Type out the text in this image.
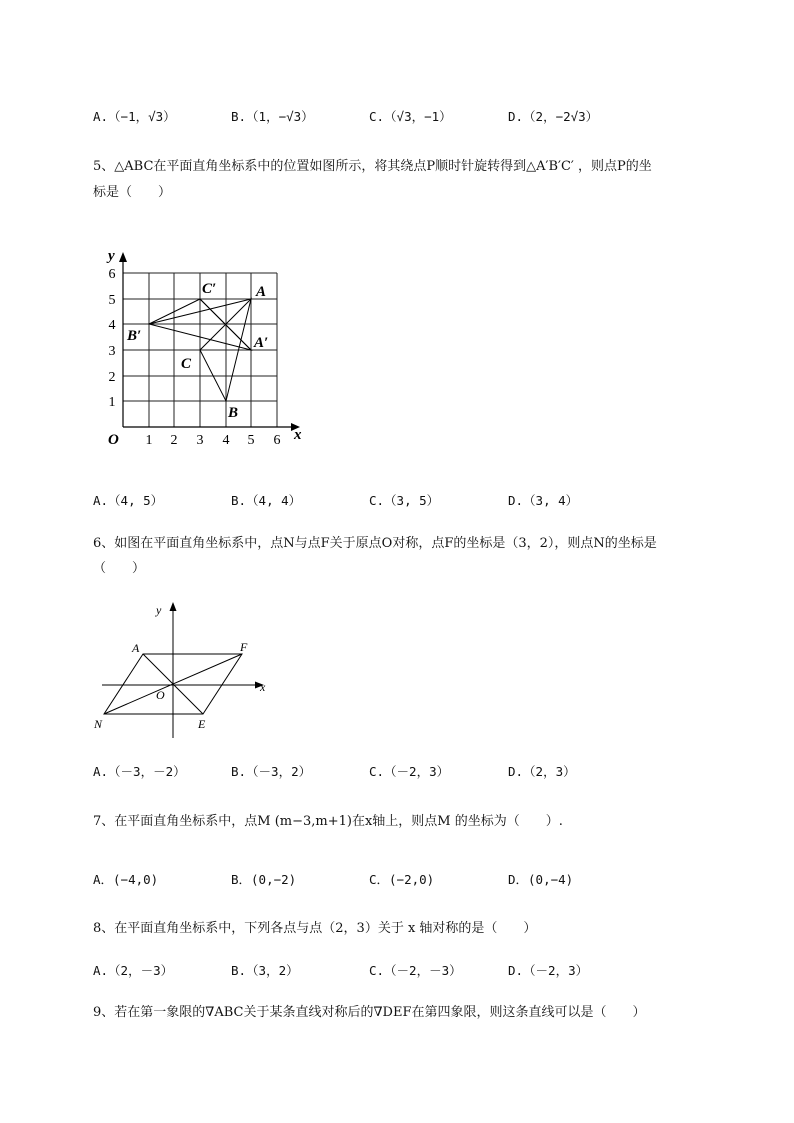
A.（−1，√3）	B.（1，−√3）	C.（√3，−1）	D.（2，−2√3）
5、△ABC在平面直角坐标系中的位置如图所示，将其绕点P顺时针旋转得到△A′B′C′ ，则点P的坐
标是（　　）
y
x
O 1 2 3 4 5 6
1
2
3
4
5
6
A
B
C
A′
B′
C′
A.（4, 5）	B.（4, 4）	C.（3, 5）	D.（3, 4）
6、如图在平面直角坐标系中，点N与点F关于原点O对称，点F的坐标是（3，2），则点N的坐标是
（　　）
y
x
A	F
O
N	E
A.（－3，－2）	B.（－3，2）	C.（－2，3）	D.（2，3）
7、在平面直角坐标系中，点M (m−3,m+1)在x轴上，则点M 的坐标为（　　）.
A．(−4,0)	B．(0,−2)	C．(−2,0)	D．(0,−4)
8、在平面直角坐标系中，下列各点与点（2，3）关于 x 轴对称的是（　　）
A.（2，－3）	B.（3，2）	C.（－2，－3）	D.（－2，3）
9、若在第一象限的∇ABC关于某条直线对称后的∇DEF在第四象限，则这条直线可以是（　　）
